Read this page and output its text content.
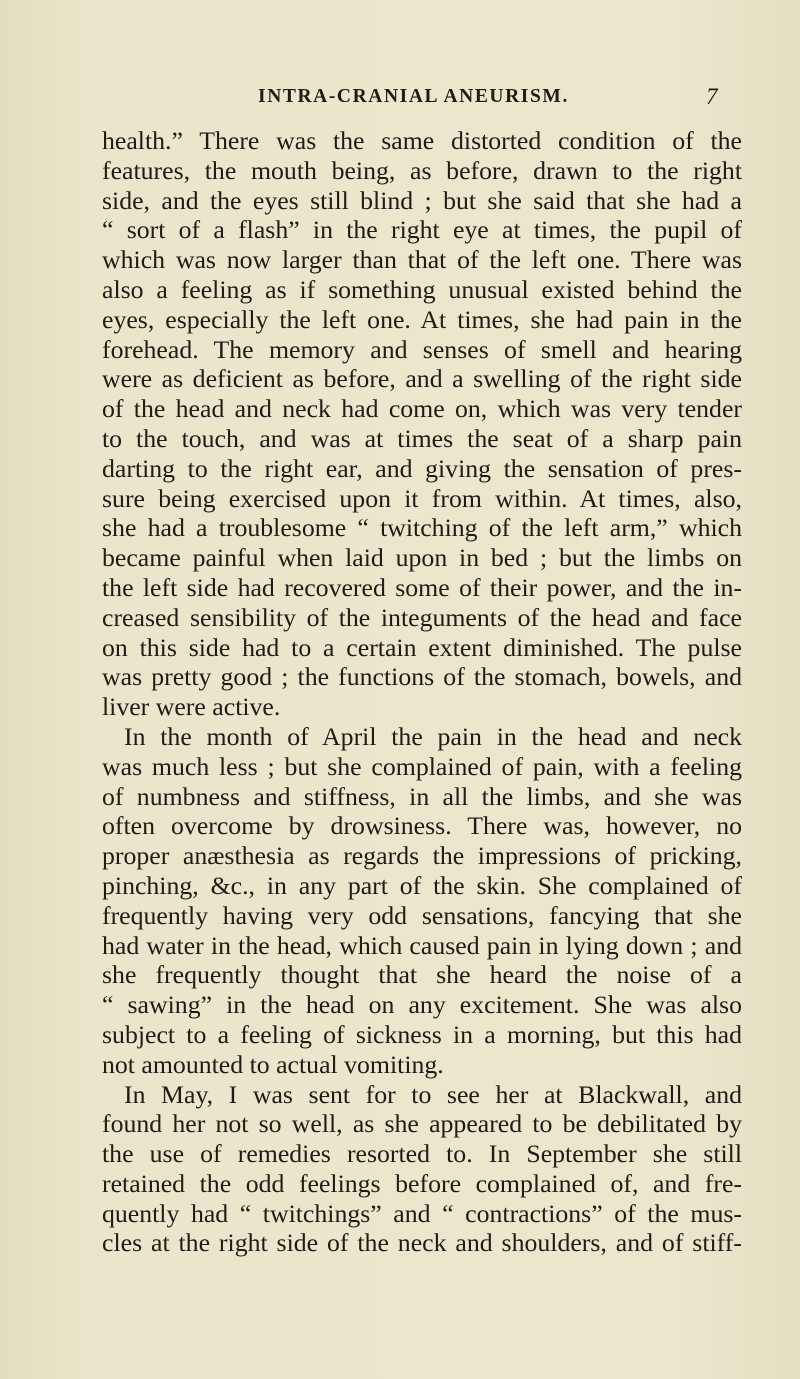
INTRA-CRANIAL ANEURISM.	7
health.” There was the same distorted condition of the
features, the mouth being, as before, drawn to the right
side, and the eyes still blind ; but she said that she had a
“ sort of a flash” in the right eye at times, the pupil of
which was now larger than that of the left one. There was
also a feeling as if something unusual existed behind the
eyes, especially the left one. At times, she had pain in the
forehead. The memory and senses of smell and hearing
were as deficient as before, and a swelling of the right side
of the head and neck had come on, which was very tender
to the touch, and was at times the seat of a sharp pain
darting to the right ear, and giving the sensation of pres-
sure being exercised upon it from within. At times, also,
she had a troublesome “ twitching of the left arm,” which
became painful when laid upon in bed ; but the limbs on
the left side had recovered some of their power, and the in-
creased sensibility of the integuments of the head and face
on this side had to a certain extent diminished. The pulse
was pretty good ; the functions of the stomach, bowels, and
liver were active.
In the month of April the pain in the head and neck
was much less ; but she complained of pain, with a feeling
of numbness and stiffness, in all the limbs, and she was
often overcome by drowsiness. There was, however, no
proper anæsthesia as regards the impressions of pricking,
pinching, &c., in any part of the skin. She complained of
frequently having very odd sensations, fancying that she
had water in the head, which caused pain in lying down ; and
she frequently thought that she heard the noise of a
“ sawing” in the head on any excitement. She was also
subject to a feeling of sickness in a morning, but this had
not amounted to actual vomiting.
In May, I was sent for to see her at Blackwall, and
found her not so well, as she appeared to be debilitated by
the use of remedies resorted to. In September she still
retained the odd feelings before complained of, and fre-
quently had “ twitchings” and “ contractions” of the mus-
cles at the right side of the neck and shoulders, and of stiff-
